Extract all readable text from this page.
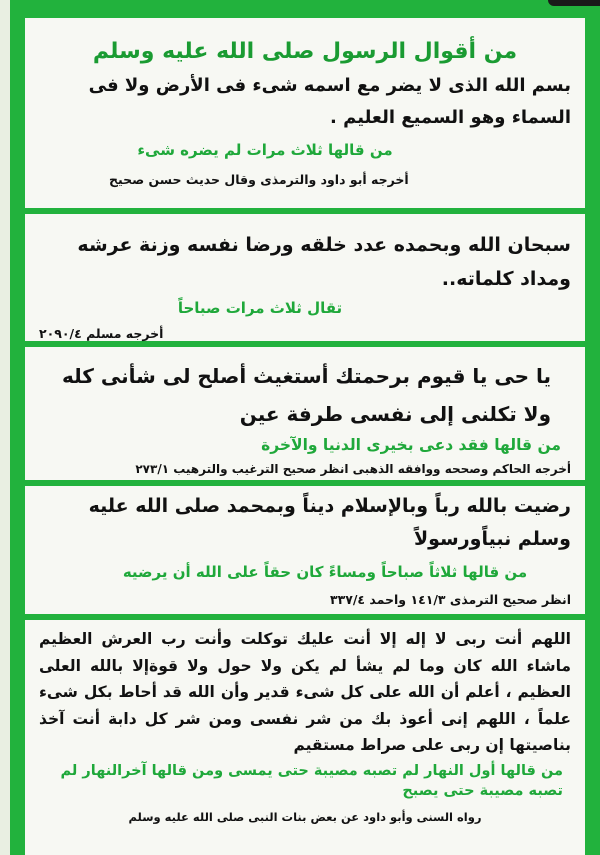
من أقوال الرسول صلى الله عليه وسلم
بسم الله الذى لا يضر مع اسمه شىء فى الأرض ولا فى السماء وهو السميع العليم .
من قالها ثلاث مرات لم يضره شىء
أخرجه أبو داود والترمذى وقال حديث حسن صحيح
سبحان الله وبحمده عدد خلقه ورضا نفسه وزنة عرشه ومداد كلماته..
تقال ثلاث مرات صباحاً
أخرجه مسلم ٢٠٩٠/٤
يا حى يا قيوم برحمتك أستغيث أصلح لى شأنى كله ولا تكلنى إلى نفسى طرفة عين
من قالها فقد دعى بخيرى الدنيا والآخرة
أخرجه الحاكم وصححه ووافقه الذهبى انظر صحيح الترغيب والترهيب ٢٧٣/١
رضيت بالله رباً وبالإسلام ديناً وبمحمد صلى الله عليه وسلم نبياًورسولاً
من قالها ثلاثاً صباحاً ومساءً كان حقاً على الله أن يرضيه
انظر صحيح الترمذى ١٤١/٣ واحمد ٣٣٧/٤
اللهم أنت ربى لا إله إلا أنت عليك توكلت وأنت رب العرش العظيم ماشاء الله كان وما لم يشأ لم يكن ولا حول ولا قوةإلا بالله العلى العظيم ، أعلم أن الله على كل شىء قدير وأن الله قد أحاط بكل شىء علماً ، اللهم إنى أعوذ بك من شر نفسى ومن شر كل دابة أنت آخذ بناصيتها إن ربى على صراط مستقيم
من قالها أول النهار لم تصبه مصيبة حتى يمسى ومن قالها آخرالنهار لم تصبه مصيبة حتى يصبح
رواه السنى وأبو داود عن بعض بنات النبى صلى الله عليه وسلم
